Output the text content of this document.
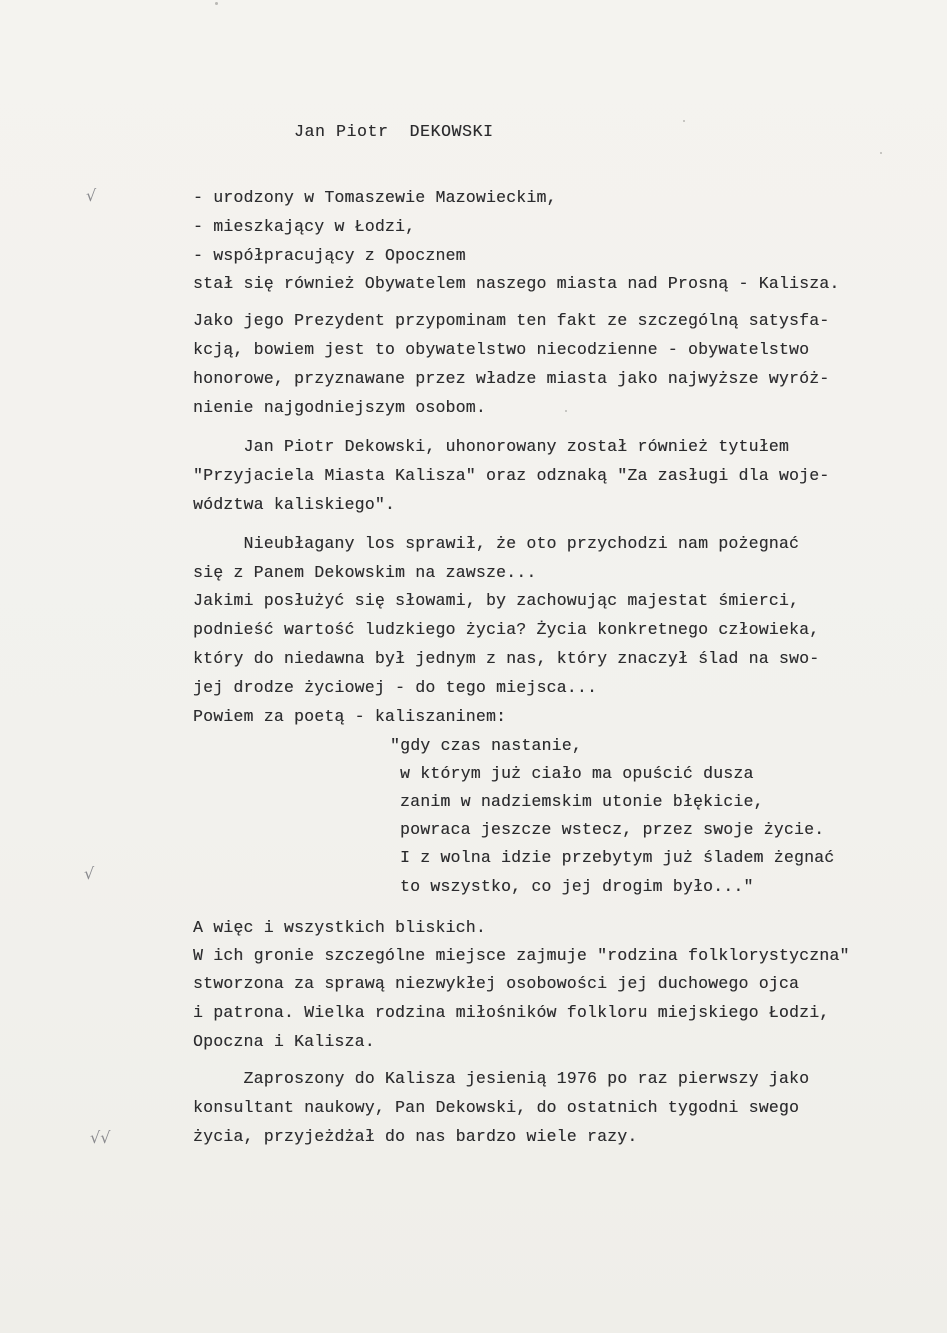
Jan Piotr  DEKOWSKI
- urodzony w Tomaszewie Mazowieckim,
- mieszkający w Łodzi,
- współpracujący z Opocznem
stał się również Obywatelem naszego miasta nad Prosną - Kalisza.
Jako jego Prezydent przypominam ten fakt ze szczególną satysfa-
kcją, bowiem jest to obywatelstwo niecodzienne - obywatelstwo
honorowe, przyznawane przez władze miasta jako najwyższe wyróż-
nienie najgodniejszym osobom.
Jan Piotr Dekowski, uhonorowany został również tytułem
"Przyjaciela Miasta Kalisza" oraz odznaką "Za zasługi dla woje-
wództwa kaliskiego".
Nieubłagany los sprawił, że oto przychodzi nam pożegnać
się z Panem Dekowskim na zawsze...
Jakimi posłużyć się słowami, by zachowując majestat śmierci,
podnieść wartość ludzkiego życia? Życia konkretnego człowieka,
który do niedawna był jednym z nas, który znaczył ślad na swo-
jej drodze życiowej - do tego miejsca...
Powiem za poetą - kaliszaninem:
"gdy czas nastanie,
w którym już ciało ma opuścić dusza
zanim w nadziemskim utonie błękicie,
powraca jeszcze wstecz, przez swoje życie.
I z wolna idzie przebytym już śladem żegnać
to wszystko, co jej drogim było..."
A więc i wszystkich bliskich.
W ich gronie szczególne miejsce zajmuje "rodzina folklorystyczna"
stworzona za sprawą niezwykłej osobowości jej duchowego ojca
i patrona. Wielka rodzina miłośników folkloru miejskiego Łodzi,
Opoczna i Kalisza.
Zaproszony do Kalisza jesienią 1976 po raz pierwszy jako
konsultant naukowy, Pan Dekowski, do ostatnich tygodni swego
życia, przyjeżdżał do nas bardzo wiele razy.
√
√
√√
